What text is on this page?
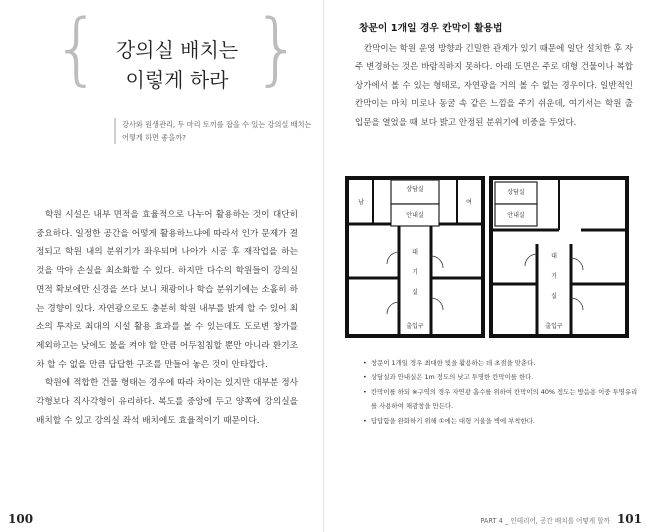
{ }
강의실 배치는
이렇게 하라
강사와 원생관리, 두 마리 토끼를 잡을 수 있는 강의실 배치는 어떻게 하면 좋을까?

학원 시설은 내부 면적을 효율적으로 나누어 활용하는 것이 대단히 중요하다. 일정한 공간을 어떻게 활용하느냐에 따라서 인가 문제가 결정되고 학원 내의 분위기가 좌우되며 나아가 시공 후 재작업을 하는 것을 막아 손실을 최소화할 수 있다. 하지만 다수의 학원들이 강의실 면적 확보에만 신경을 쓰다 보니 채광이나 학습 분위기에는 소홀히 하는 경향이 있다. 자연광으로도 충분히 학원 내부를 밝게 할 수 있어 최소의 투자로 최대의 시설 활용 효과를 볼 수 있는데도 도로변 창가를 제외하고는 낮에도 불을 켜야 할 만큼 어두침침할 뿐만 아니라 환기조차 할 수 없을 만큼 답답한 구조를 만들어 놓은 것이 안타깝다.

학원에 적합한 건물 형태는 경우에 따라 차이는 있지만 대부분 정사각형보다 직사각형이 유리하다. 복도를 중앙에 두고 양쪽에 강의실을 배치할 수 있고 강의실 좌석 배치에도 효율적이기 때문이다.

100
창문이 1개일 경우 칸막이 활용법

칸막이는 학원 운영 방향과 긴밀한 관계가 있기 때문에 일단 설치한 후 자주 변경하는 것은 바람직하지 못하다. 아래 도면은 주로 대형 건물이나 복합 상가에서 볼 수 있는 형태로, 자연광을 거의 볼 수 없는 경우이다. 일반적인 칸막이는 마치 미로나 동굴 속 같은 느낌을 주기 쉬운데, 여기서는 학원 출입문을 열었을 때 보다 밝고 안정된 분위기에 비중을 두었다.

상담실
안내실
남	여
대
기
실
출입구
상담실
안내실
대
기
실
출입구
• 창문이 1개일 경우 최대한 빛을 활용하는 데 초점을 맞춘다.
• 상담실과 안내실은 1m 정도의 낮고 투명한 칸막이를 한다.
• 칸막이를 하되 ※구역의 경우 자연광 흡수를 위하여 칸막이의 40% 정도는 방음용 이중 투명유리를 사용하여 채광창을 만든다.
• 답답함을 완화하기 위해 ①에는 대형 거울을 벽에 부착한다.
PART 4 _ 인테리어, 공간 배치를 어떻게 할까 101
